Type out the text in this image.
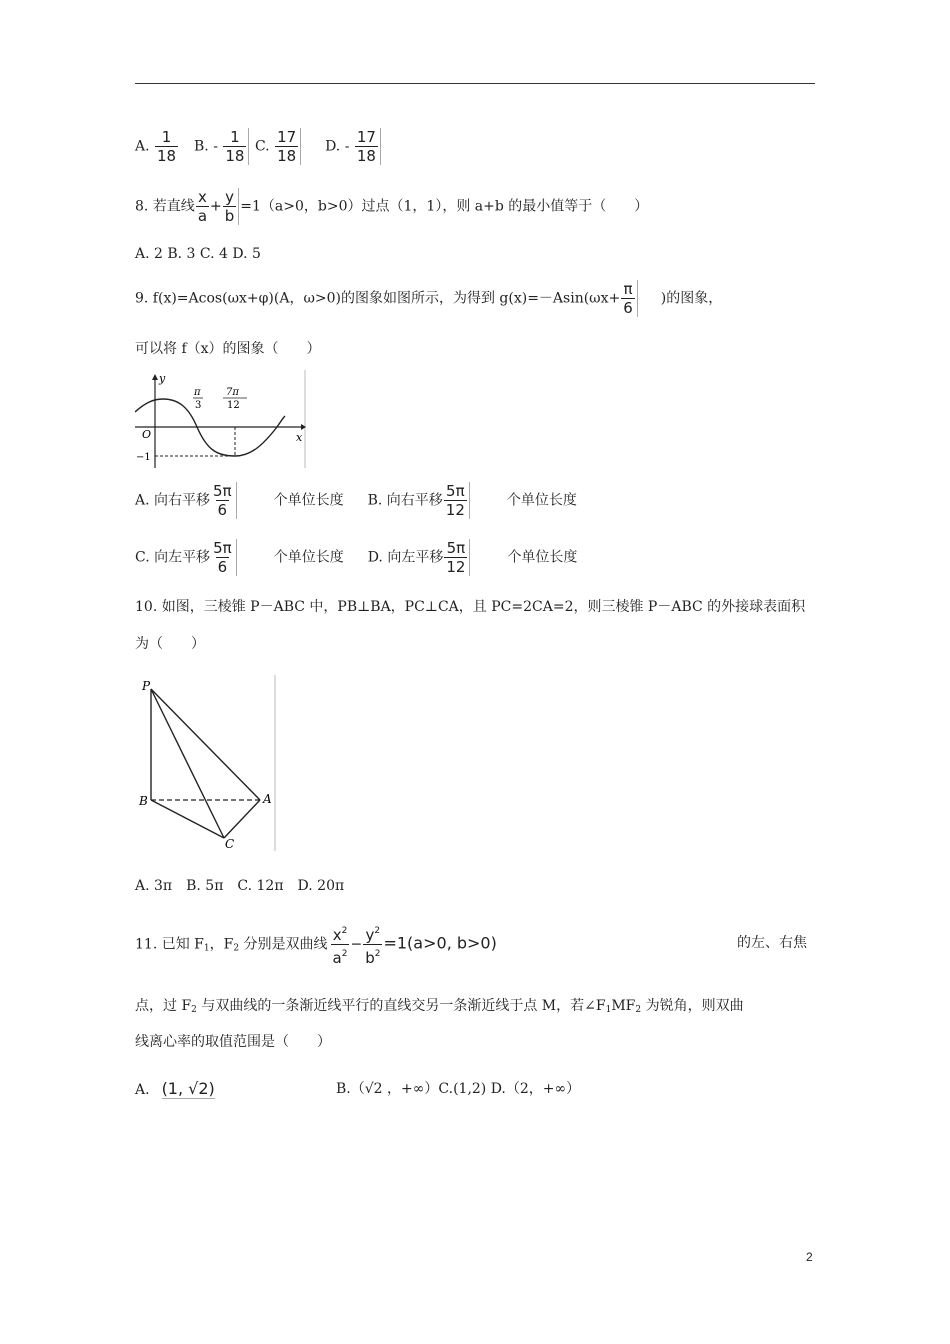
A. $\frac{1}{18} B$. - $\frac{1}{18} C$. $\frac{17}{18} D$. - $\frac{17}{18}$
8. 若直线 $\frac{x}{a} + \frac{y}{b} =1(a>0$，b>0）过点（1，1），则 a+b 的最小值等于（　　）
A. 2 B. 3 C. 4 D. 5
9. f(x)=Acos(ωx+φ)(A，ω>0)的图象如图所示，为得到 $g(x)=-Asin(\omega x+ \frac{\pi}{6}$ )的图象，
可以将 f（x）的图象（　　）
y
x
O
−1
π
3
7π
12
A. 向右平移 $\frac{5\pi}{6}$	个单位长度 B. 向右平移 $\frac{5\pi}{12}$	个单位长度
C. 向左平移 $\frac{5\pi}{6}$	个单位长度 D. 向左平移 $\frac{5\pi}{12}$	个单位长度
10. 如图，三棱锥 P－ABC 中，PB⊥BA，PC⊥CA，且 PC=2CA=2，则三棱锥 P－ABC 的外接球表面积
为（　　）
P
B	A
C
A. 3π　B. 5π　C. 12π　D. 20π
11. 已知 $F_1$，$F_2$ 分别是双曲线 $\frac{x^2}{a^2} - \frac{y^2}{b^2} =1(a>0$, b>0)	的左、右焦
点，过 $F_2$ 与双曲线的一条渐近线平行的直线交另一条渐近线于点 M，若$\angle F_1MF_2$ 为锐角，则双曲
线离心率的取值范围是（　　）
A. (1, √2)	B.（√2 ，+∞）C.(1,2) D.（2，+∞）
2
